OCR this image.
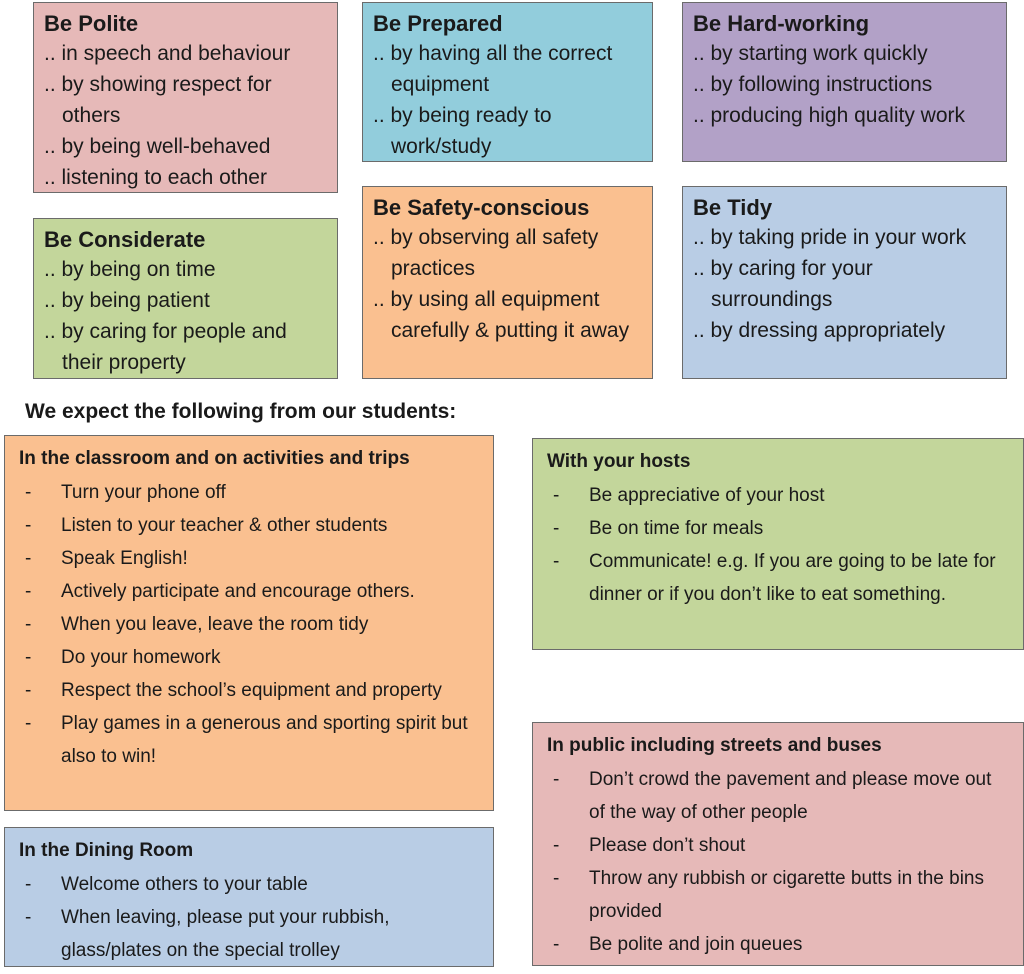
Be Polite
.. in speech and behaviour
.. by showing respect for others
.. by being well-behaved
.. listening to each other
Be Prepared
.. by having all the correct equipment
.. by being ready to work/study
Be Hard-working
.. by starting work quickly
.. by following instructions
.. producing high quality work
Be Considerate
.. by being on time
.. by being patient
.. by caring for people and their property
Be Safety-conscious
.. by observing all safety practices
.. by using all equipment carefully & putting it away
Be Tidy
.. by taking pride in your work
.. by caring for your surroundings
.. by dressing appropriately
We expect the following from our students:
In the classroom and on activities and trips
- Turn your phone off
- Listen to your teacher & other students
- Speak English!
- Actively participate and encourage others.
- When you leave, leave the room tidy
- Do your homework
- Respect the school’s equipment and property
- Play games in a generous and sporting spirit but also to win!
With your hosts
- Be appreciative of your host
- Be on time for meals
- Communicate! e.g. If you are going to be late for dinner or if you don’t like to eat something.
In public including streets and buses
- Don’t crowd the pavement and please move out of the way of other people
- Please don’t shout
- Throw any rubbish or cigarette butts in the bins provided
- Be polite and join queues
In the Dining Room
- Welcome others to your table
- When leaving, please put your rubbish, glass/plates on the special trolley
